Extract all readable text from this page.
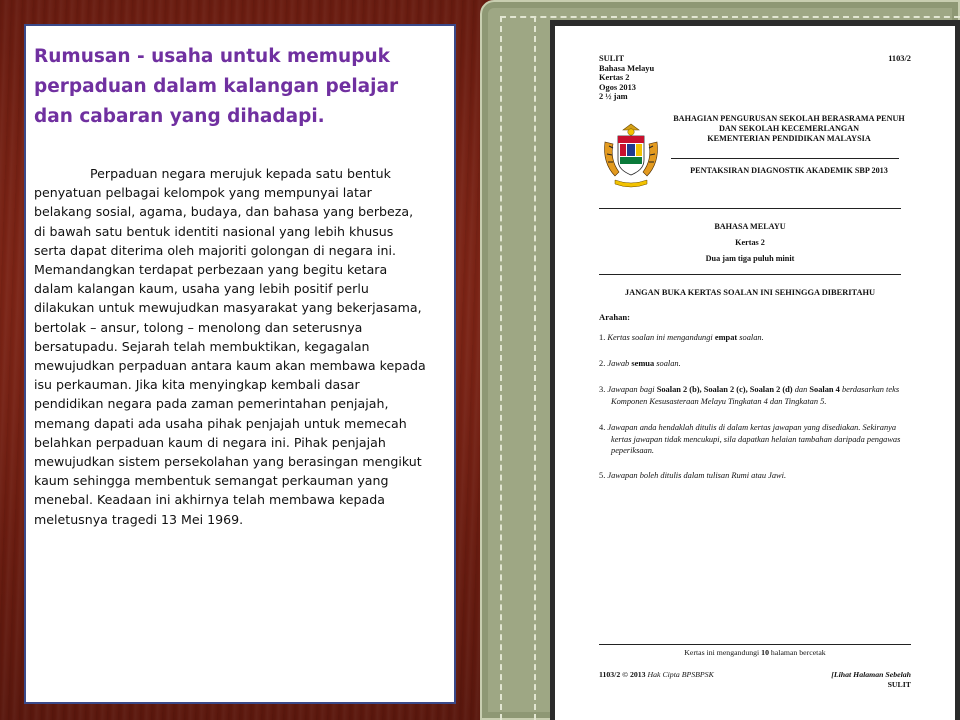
Rumusan - usaha untuk memupuk perpaduan dalam kalangan pelajar dan cabaran yang dihadapi.

Perpaduan negara merujuk kepada satu bentuk penyatuan pelbagai kelompok yang mempunyai latar belakang sosial, agama, budaya, dan bahasa yang berbeza, di bawah satu bentuk identiti nasional yang lebih khusus serta dapat diterima oleh majoriti golongan di negara ini. Memandangkan terdapat perbezaan yang begitu ketara dalam kalangan kaum, usaha yang lebih positif perlu dilakukan untuk mewujudkan masyarakat yang bekerjasama, bertolak – ansur, tolong – menolong dan seterusnya bersatupadu. Sejarah telah membuktikan, kegagalan mewujudkan perpaduan antara kaum akan membawa kepada isu perkauman. Jika kita menyingkap kembali dasar pendidikan negara pada zaman pemerintahan penjajah, memang dapati ada usaha pihak penjajah untuk memecah belahkan perpaduan kaum di negara ini. Pihak penjajah mewujudkan sistem persekolahan yang berasingan mengikut kaum sehingga membentuk semangat perkauman yang menebal. Keadaan ini akhirnya telah membawa kepada meletusnya tragedi 13 Mei 1969.

SULIT
Bahasa Melayu
Kertas 2
Ogos 2013
2 ½ jam
1103/2
BAHAGIAN PENGURUSAN SEKOLAH BERASRAMA PENUH
DAN SEKOLAH KECEMERLANGAN
KEMENTERIAN PENDIDIKAN MALAYSIA
PENTAKSIRAN DIAGNOSTIK AKADEMIK SBP 2013
BAHASA MELAYU
Kertas 2
Dua jam tiga puluh minit
JANGAN BUKA KERTAS SOALAN INI SEHINGGA DIBERITAHU
Arahan:
1. Kertas soalan ini mengandungi empat soalan.
2. Jawab semua soalan.

3. Jawapan bagi Soalan 2 (b), Soalan 2 (c), Soalan 2 (d) dan Soalan 4 berdasarkan teks

Komponen Kesusasteraan Melayu Tingkatan 4 dan Tingkatan 5.

4. Jawapan anda hendaklah ditulis di dalam kertas jawapan yang disediakan. Sekiranya

kertas jawapan tidak mencukupi, sila dapatkan helaian tambahan daripada pengawas

peperiksaan.

5. Jawapan boleh ditulis dalam tulisan Rumi atau Jawi.
Kertas ini mengandungi 10 halaman bercetak
1103/2 © 2013 Hak Cipta BPSBPSK	[Lihat Halaman Sebelah
SULIT
